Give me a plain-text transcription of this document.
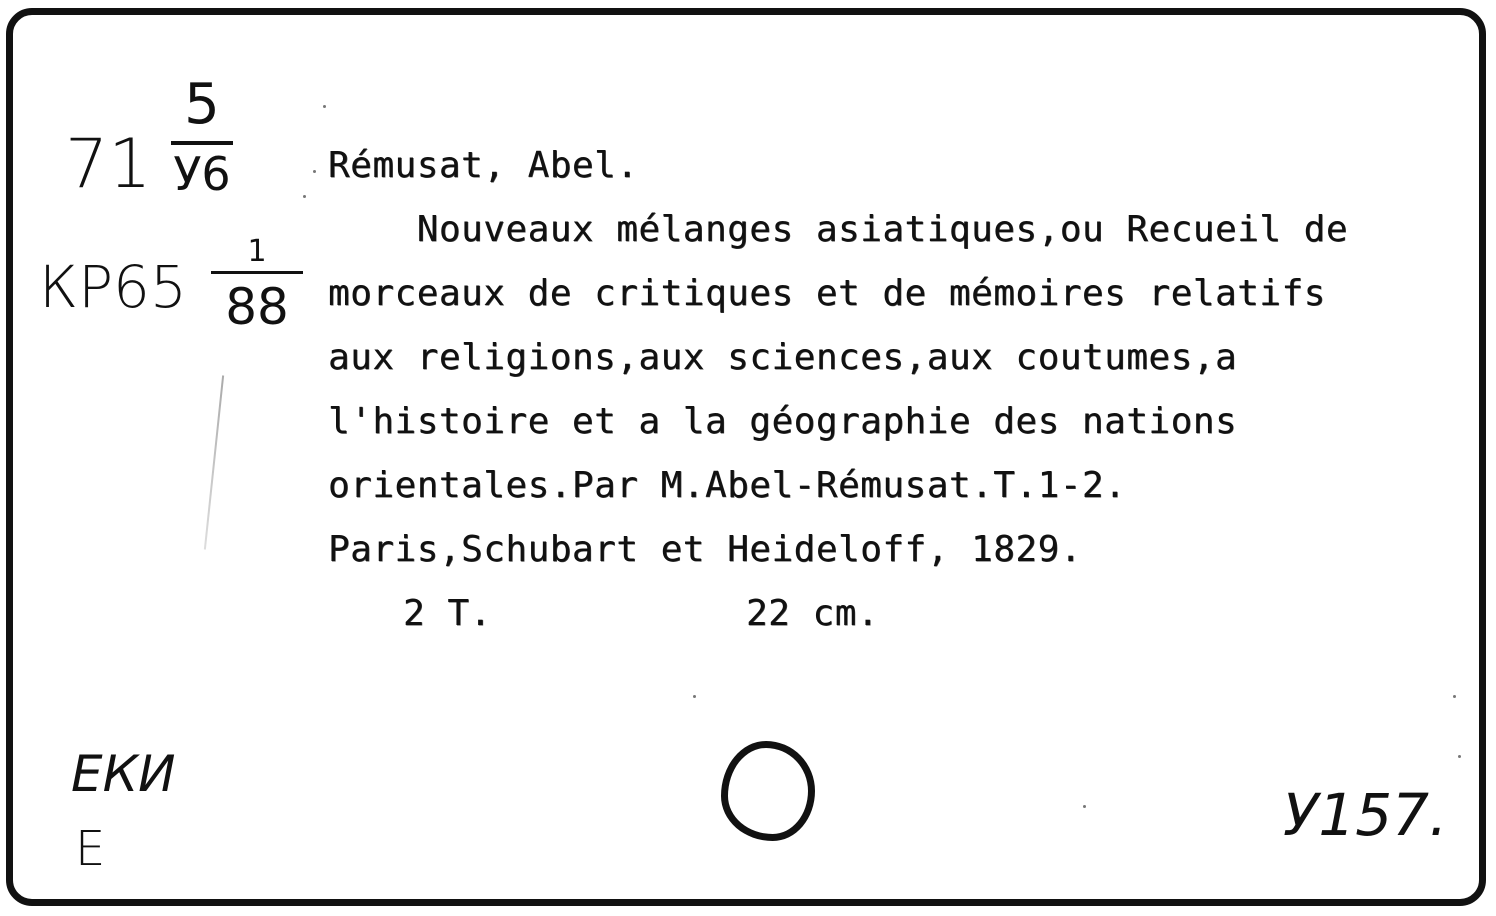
71
5
У6
КР65
1
88
Rémusat, Abel.
Nouveaux mélanges asiatiques,ou Recueil de
morceaux de critiques et de mémoires relatifs
aux religions,aux sciences,aux coutumes,a
l'histoire et a la géographie des nations
orientales.Par M.Abel-Rémusat.T.1-2.
Paris,Schubart et Heideloff, 1829.
2 T.	22 cm.
ЕКИ
Е	У157.
